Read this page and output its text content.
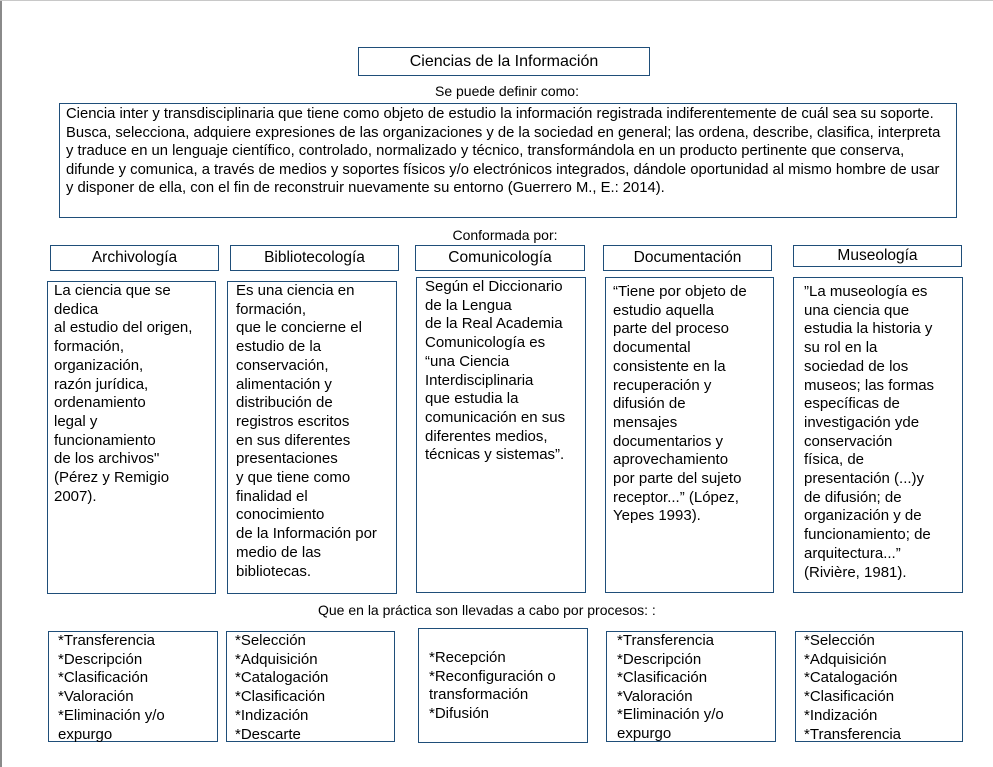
Ciencias de la Información
Se puede definir como:
Ciencia inter y transdisciplinaria que tiene como objeto de estudio la información registrada indiferentemente de cuál sea su soporte. Busca, selecciona, adquiere expresiones de las organizaciones y de la sociedad en general; las ordena, describe, clasifica, interpreta y traduce en un lenguaje científico, controlado, normalizado y técnico, transformándola en un producto pertinente que conserva, difunde y comunica, a través de medios y soportes físicos y/o electrónicos integrados, dándole oportunidad al mismo hombre de usar y disponer de ella, con el fin de reconstruir nuevamente su entorno (Guerrero M., E.: 2014).
Conformada por:
Archivología	Bibliotecología	Comunicología	Documentación	Museología
La ciencia que se
dedica
al estudio del origen,
formación,
organización,
razón jurídica,
ordenamiento
legal y
funcionamiento
de los archivos"
(Pérez y Remigio
2007).
Es una ciencia en
formación,
que le concierne el
estudio de la
conservación,
alimentación y
distribución de
registros escritos
en sus diferentes
presentaciones
y que tiene como
finalidad el
conocimiento
de la Información por
medio de las
bibliotecas.
Según el Diccionario
de la Lengua
de la Real Academia
Comunicología es
“una Ciencia
Interdisciplinaria
que estudia la
comunicación en sus
diferentes medios,
técnicas y sistemas”.
“Tiene por objeto de
estudio aquella
parte del proceso
documental
consistente en la
recuperación y
difusión de
mensajes
documentarios y
aprovechamiento
por parte del sujeto
receptor...” (López,
Yepes 1993).
”La museología es
una ciencia que
estudia la historia y
su rol en la
sociedad de los
museos; las formas
específicas de
investigación yde
conservación
física, de
presentación (...)y
de difusión; de
organización y de
funcionamiento; de
arquitectura...”
(Rivière, 1981).
Que en la práctica son llevadas a cabo por procesos: :
*Transferencia
*Descripción
*Clasificación
*Valoración
*Eliminación y/o
expurgo
*Selección
*Adquisición
*Catalogación
*Clasificación
*Indización
*Descarte
*Recepción
*Reconfiguración o
transformación
*Difusión
*Transferencia
*Descripción
*Clasificación
*Valoración
*Eliminación y/o
expurgo
*Selección
*Adquisición
*Catalogación
*Clasificación
*Indización
*Transferencia
